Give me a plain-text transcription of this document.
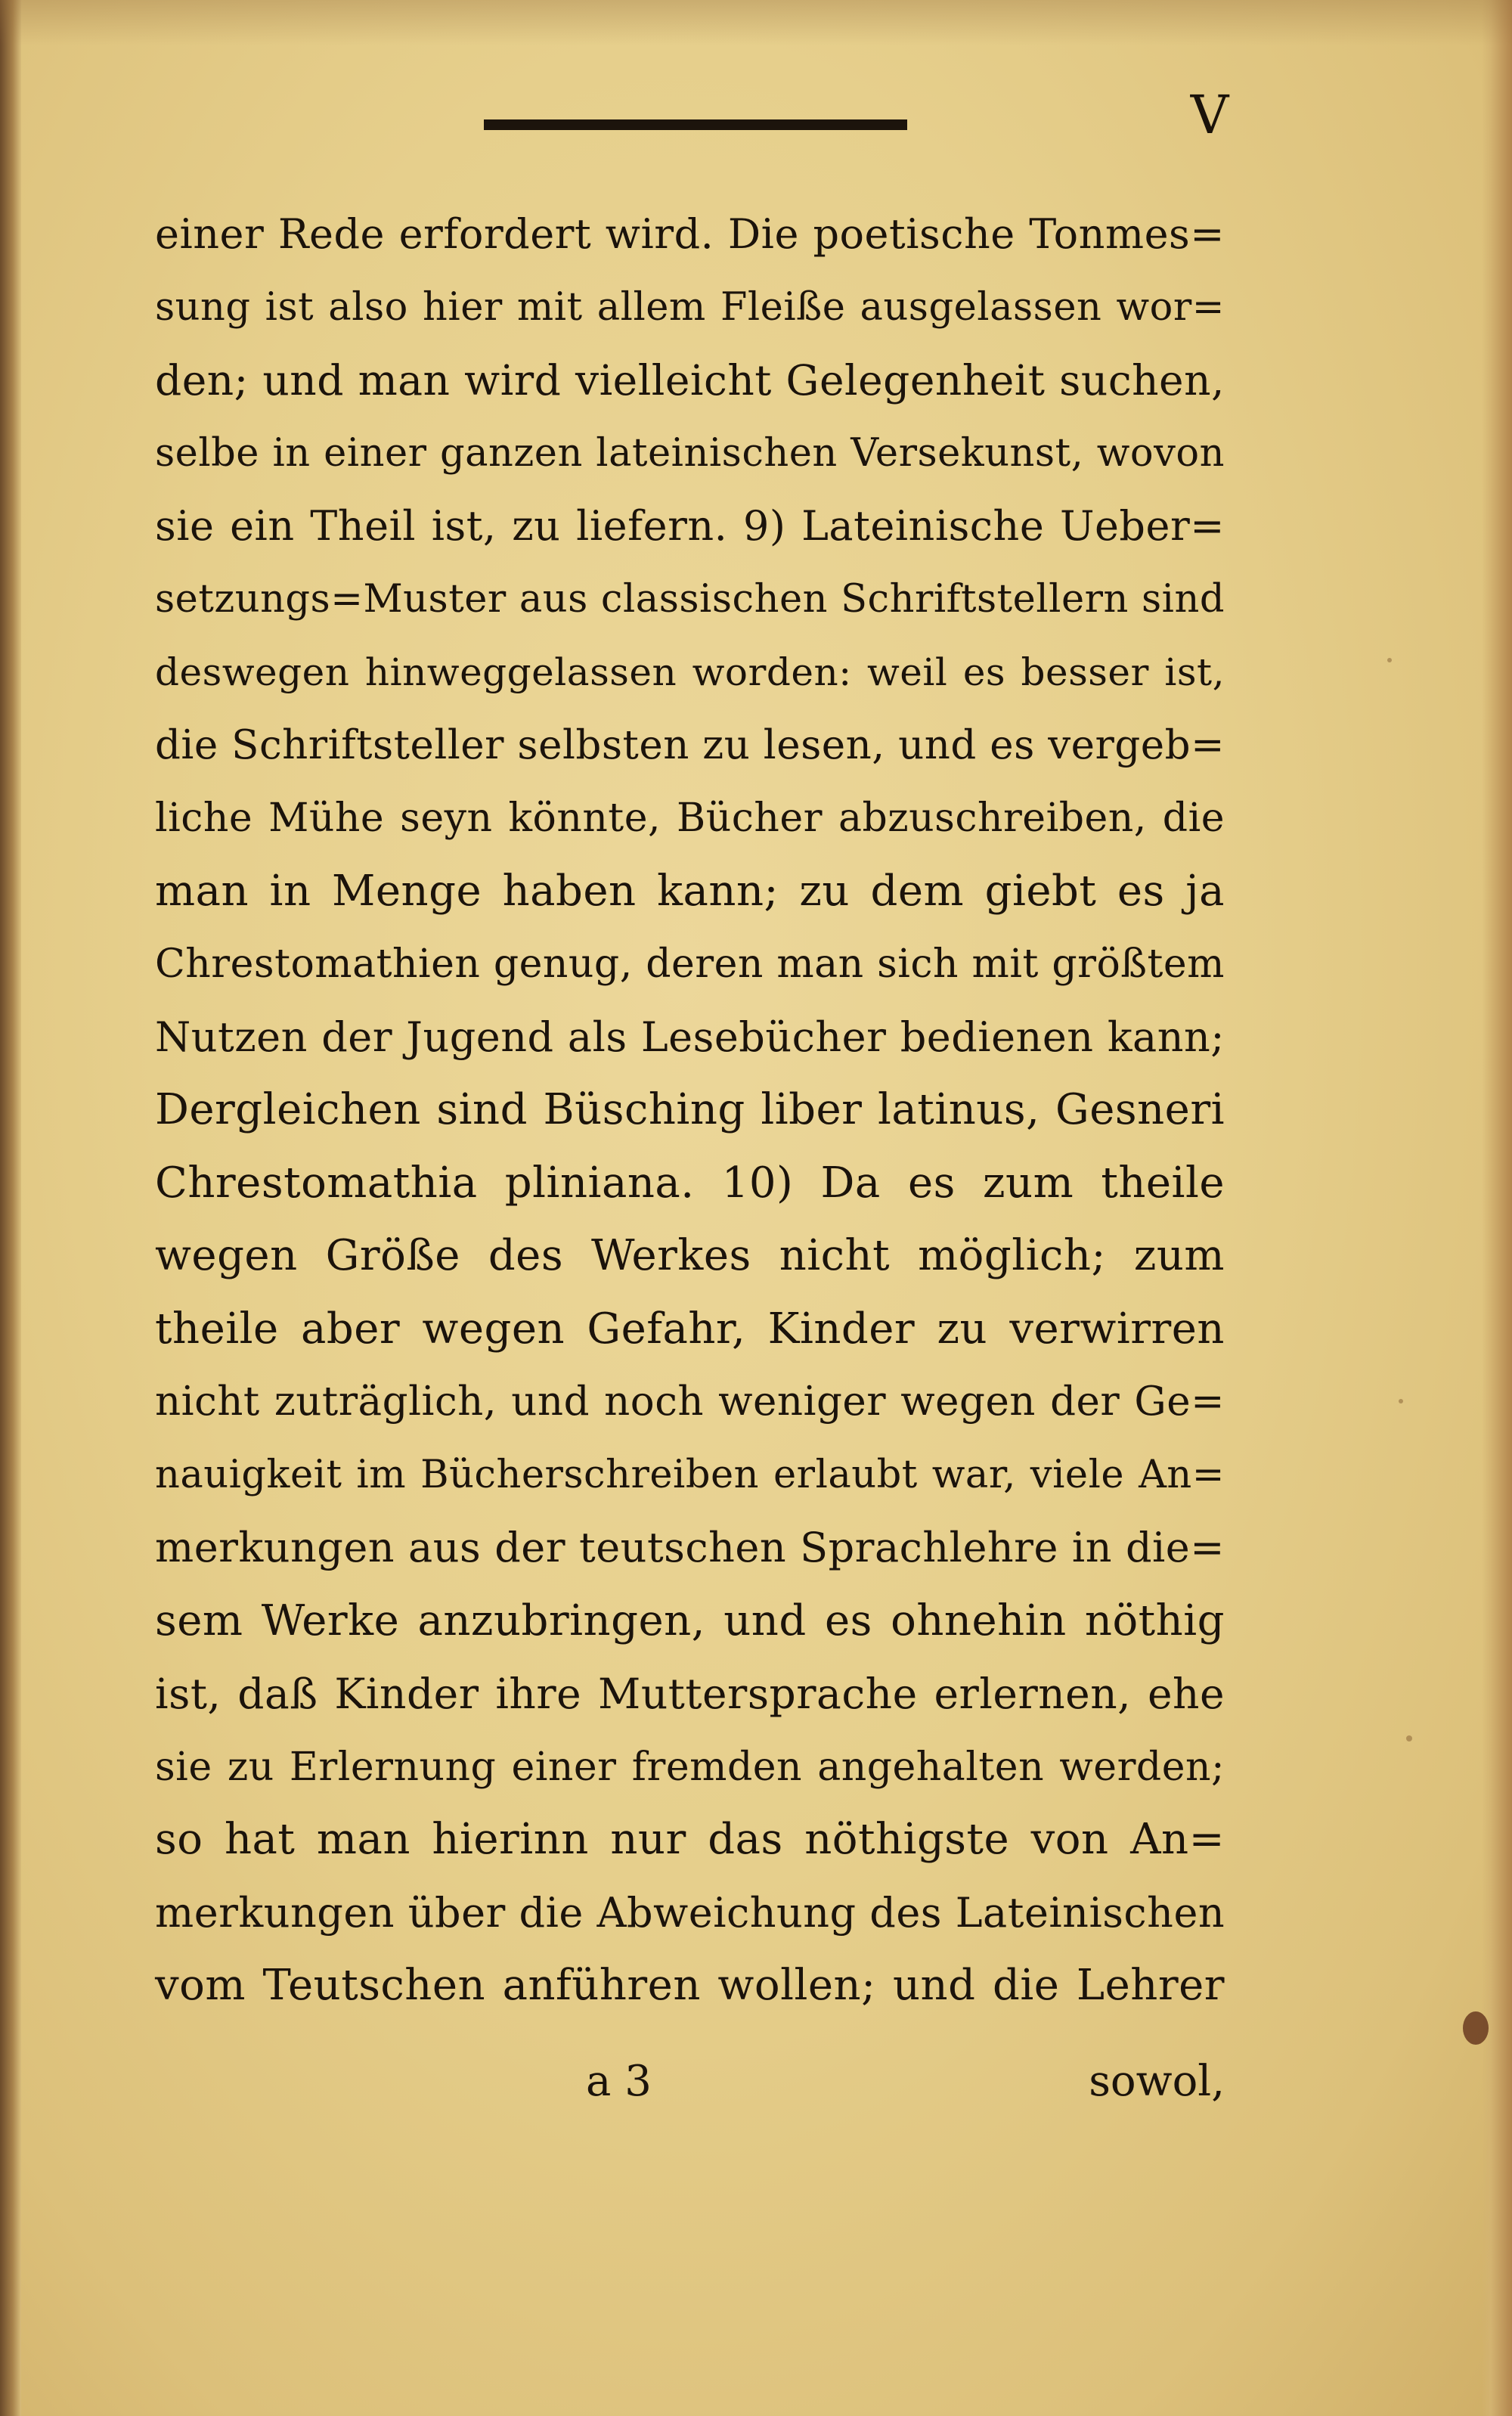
V
einer Rede erfordert wird. Die poetische Tonmes=
sung ist also hier mit allem Fleiße ausgelassen wor=
den; und man wird vielleicht Gelegenheit suchen,
selbe in einer ganzen lateinischen Versekunst, wovon
sie ein Theil ist, zu liefern. 9) Lateinische Ueber=
setzungs=Muster aus classischen Schriftstellern sind
deswegen hinweggelassen worden: weil es besser ist,
die Schriftsteller selbsten zu lesen, und es vergeb=
liche Mühe seyn könnte, Bücher abzuschreiben, die
man in Menge haben kann; zu dem giebt es ja
Chrestomathien genug, deren man sich mit größtem
Nutzen der Jugend als Lesebücher bedienen kann;
Dergleichen sind Büsching liber latinus, Gesneri
Chrestomathia pliniana. 10) Da es zum theile
wegen Größe des Werkes nicht möglich; zum
theile aber wegen Gefahr, Kinder zu verwirren
nicht zuträglich, und noch weniger wegen der Ge=
nauigkeit im Bücherschreiben erlaubt war, viele An=
merkungen aus der teutschen Sprachlehre in die=
sem Werke anzubringen, und es ohnehin nöthig
ist, daß Kinder ihre Muttersprache erlernen, ehe
sie zu Erlernung einer fremden angehalten werden;
so hat man hierinn nur das nöthigste von An=
merkungen über die Abweichung des Lateinischen
vom Teutschen anführen wollen; und die Lehrer
a 3	sowol,
